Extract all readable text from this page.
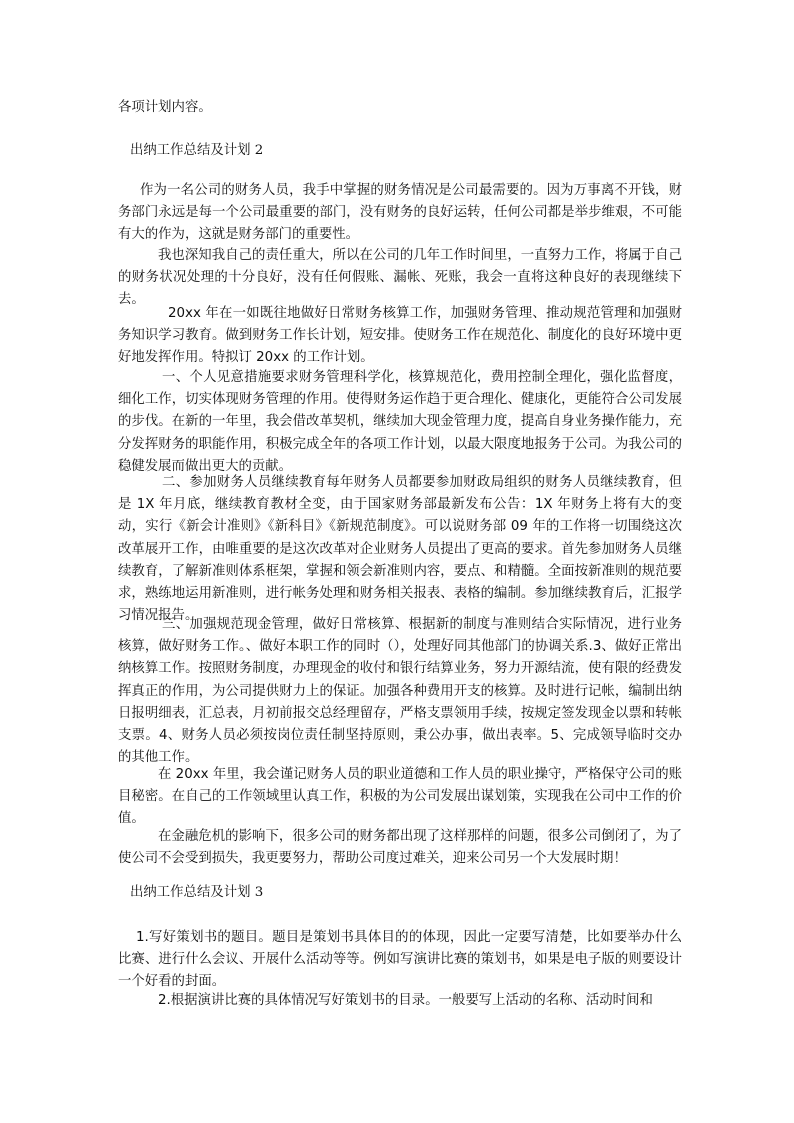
各项计划内容。
出纳工作总结及计划 2
作为一名公司的财务人员，我手中掌握的财务情况是公司最需要的。因为万事离不开钱，财务部门永远是每一个公司最重要的部门，没有财务的良好运转，任何公司都是举步维艰，不可能有大的作为，这就是财务部门的重要性。
我也深知我自己的责任重大，所以在公司的几年工作时间里，一直努力工作，将属于自己的财务状况处理的十分良好，没有任何假账、漏帐、死账，我会一直将这种良好的表现继续下去。
20xx 年在一如既往地做好日常财务核算工作，加强财务管理、推动规范管理和加强财务知识学习教育。做到财务工作长计划，短安排。使财务工作在规范化、制度化的良好环境中更好地发挥作用。特拟订 20xx 的工作计划。
一、个人见意措施要求财务管理科学化，核算规范化，费用控制全理化，强化监督度，细化工作，切实体现财务管理的作用。使得财务运作趋于更合理化、健康化，更能符合公司发展的步伐。在新的一年里，我会借改革契机，继续加大现金管理力度，提高自身业务操作能力，充分发挥财务的职能作用，积极完成全年的各项工作计划，以最大限度地报务于公司。为我公司的稳健发展而做出更大的贡献。
二、参加财务人员继续教育每年财务人员都要参加财政局组织的财务人员继续教育，但是 1X 年月底，继续教育教材全变，由于国家财务部最新发布公告：1X 年财务上将有大的变动，实行《新会计准则》《新科目》《新规范制度》。可以说财务部 09 年的工作将一切围绕这次改革展开工作，由唯重要的是这次改革对企业财务人员提出了更高的要求。首先参加财务人员继续教育，了解新准则体系框架，掌握和领会新准则内容，要点、和精髓。全面按新准则的规范要求，熟练地运用新准则，进行帐务处理和财务相关报表、表格的编制。参加继续教育后，汇报学习情况报告。
三、加强规范现金管理，做好日常核算、根据新的制度与准则结合实际情况，进行业务核算，做好财务工作。、做好本职工作的同时（），处理好同其他部门的协调关系.3、做好正常出纳核算工作。按照财务制度，办理现金的收付和银行结算业务，努力开源结流，使有限的经费发挥真正的作用，为公司提供财力上的保证。加强各种费用开支的核算。及时进行记帐，编制出纳日报明细表，汇总表，月初前报交总经理留存，严格支票领用手续，按规定签发现金以票和转帐支票。4、财务人员必须按岗位责任制坚持原则，秉公办事，做出表率。5、完成领导临时交办的其他工作。
在 20xx 年里，我会谨记财务人员的职业道德和工作人员的职业操守，严格保守公司的账目秘密。在自己的工作领域里认真工作，积极的为公司发展出谋划策，实现我在公司中工作的价值。
在金融危机的影响下，很多公司的财务都出现了这样那样的问题，很多公司倒闭了，为了使公司不会受到损失，我更要努力，帮助公司度过难关，迎来公司另一个大发展时期！
出纳工作总结及计划 3
1.写好策划书的题目。题目是策划书具体目的的体现，因此一定要写清楚，比如要举办什么比赛、进行什么会议、开展什么活动等等。例如写演讲比赛的策划书，如果是电子版的则要设计一个好看的封面。
2.根据演讲比赛的具体情况写好策划书的目录。一般要写上活动的名称、活动时间和
